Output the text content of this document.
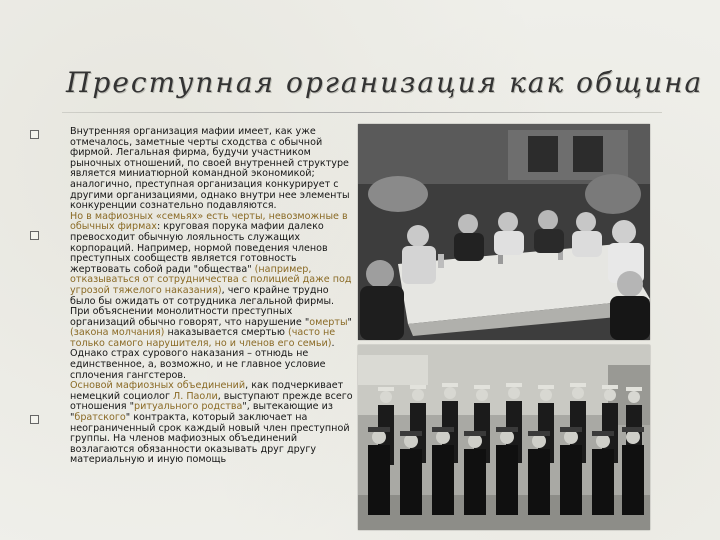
Преступная организация как община

Внутренняя организация мафии имеет, как уже отмечалось, заметные черты сходства с обычной фирмой. Легальная фирма, будучи участником рыночных отношений, по своей внутренней структуре является миниатюрной командной экономикой; аналогично, преступная организация конкурирует с другими организациями, однако внутри нее элементы конкуренции сознательно подавляются.

Но в мафиозных «семьях» есть черты, невозможные в обычных фирмах: круговая порука мафии далеко превосходит обычную лояльность служащих корпораций. Например, нормой поведения членов преступных сообществ является готовность жертвовать собой ради "общества" (например, отказываться от сотрудничества с полицией даже под угрозой тяжелого наказания), чего крайне трудно было бы ожидать от сотрудника легальной фирмы. При объяснении монолитности преступных организаций обычно говорят, что нарушение "омерты" (закона молчания) наказывается смертью (часто не только самого нарушителя, но и членов его семьи). Однако страх сурового наказания – отнюдь не единственное, а, возможно, и не главное условие сплочения гангстеров.

Основой мафиозных объединений, как подчеркивает немецкий социолог Л. Паоли, выступают прежде всего отношения "ритуального родства", вытекающие из "братского" контракта, который заключает на неограниченный срок каждый новый член преступной группы. На членов мафиозных объединений возлагаются обязанности оказывать друг другу материальную и иную помощь
